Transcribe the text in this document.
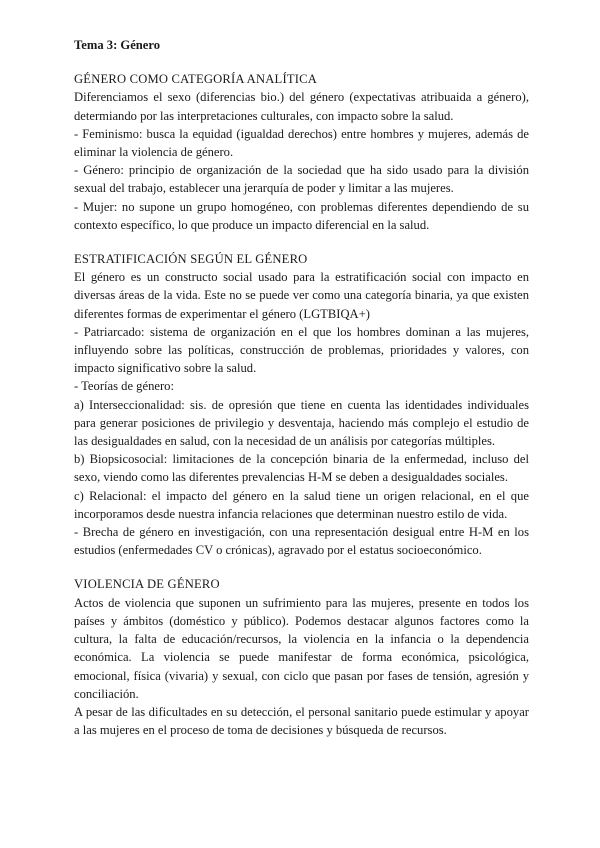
Tema 3: Género

GÉNERO COMO CATEGORÍA ANALÍTICA

Diferenciamos el sexo (diferencias bio.) del género (expectativas atribuaida a género), determiando por las interpretaciones culturales, con impacto sobre la salud.

- Feminismo: busca la equidad (igualdad derechos) entre hombres y mujeres, además de eliminar la violencia de género.

- Género: principio de organización de la sociedad que ha sido usado para la división sexual del trabajo, establecer una jerarquía de poder y limitar a las mujeres.

- Mujer: no supone un grupo homogéneo, con problemas diferentes dependiendo de su contexto específico, lo que produce un impacto diferencial en la salud.

ESTRATIFICACIÓN SEGÚN EL GÉNERO

El género es un constructo social usado para la estratificación social con impacto en diversas áreas de la vida. Este no se puede ver como una categoría binaria, ya que existen diferentes formas de experimentar el género (LGTBIQA+)

- Patriarcado: sistema de organización en el que los hombres dominan a las mujeres, influyendo sobre las políticas, construcción de problemas, prioridades y valores, con impacto significativo sobre la salud.

- Teorías de género:

a) Interseccionalidad: sis. de opresión que tiene en cuenta las identidades individuales para generar posiciones de privilegio y desventaja, haciendo más complejo el estudio de las desigualdades en salud, con la necesidad de un análisis por categorías múltiples.

b) Biopsicosocial: limitaciones de la concepción binaria de la enfermedad, incluso del sexo, viendo como las diferentes prevalencias H-M se deben a desigualdades sociales.

c) Relacional: el impacto del género en la salud tiene un origen relacional, en el que incorporamos desde nuestra infancia relaciones que determinan nuestro estilo de vida.

- Brecha de género en investigación, con una representación desigual entre H-M en los estudios (enfermedades CV o crónicas), agravado por el estatus socioeconómico.

VIOLENCIA DE GÉNERO

Actos de violencia que suponen un sufrimiento para las mujeres, presente en todos los países y ámbitos (doméstico y público). Podemos destacar algunos factores como la cultura, la falta de educación/recursos, la violencia en la infancia o la dependencia económica. La violencia se puede manifestar de forma económica, psicológica, emocional, física (vivaria) y sexual, con ciclo que pasan por fases de tensión, agresión y conciliación.

A pesar de las dificultades en su detección, el personal sanitario puede estimular y apoyar a las mujeres en el proceso de toma de decisiones y búsqueda de recursos.
